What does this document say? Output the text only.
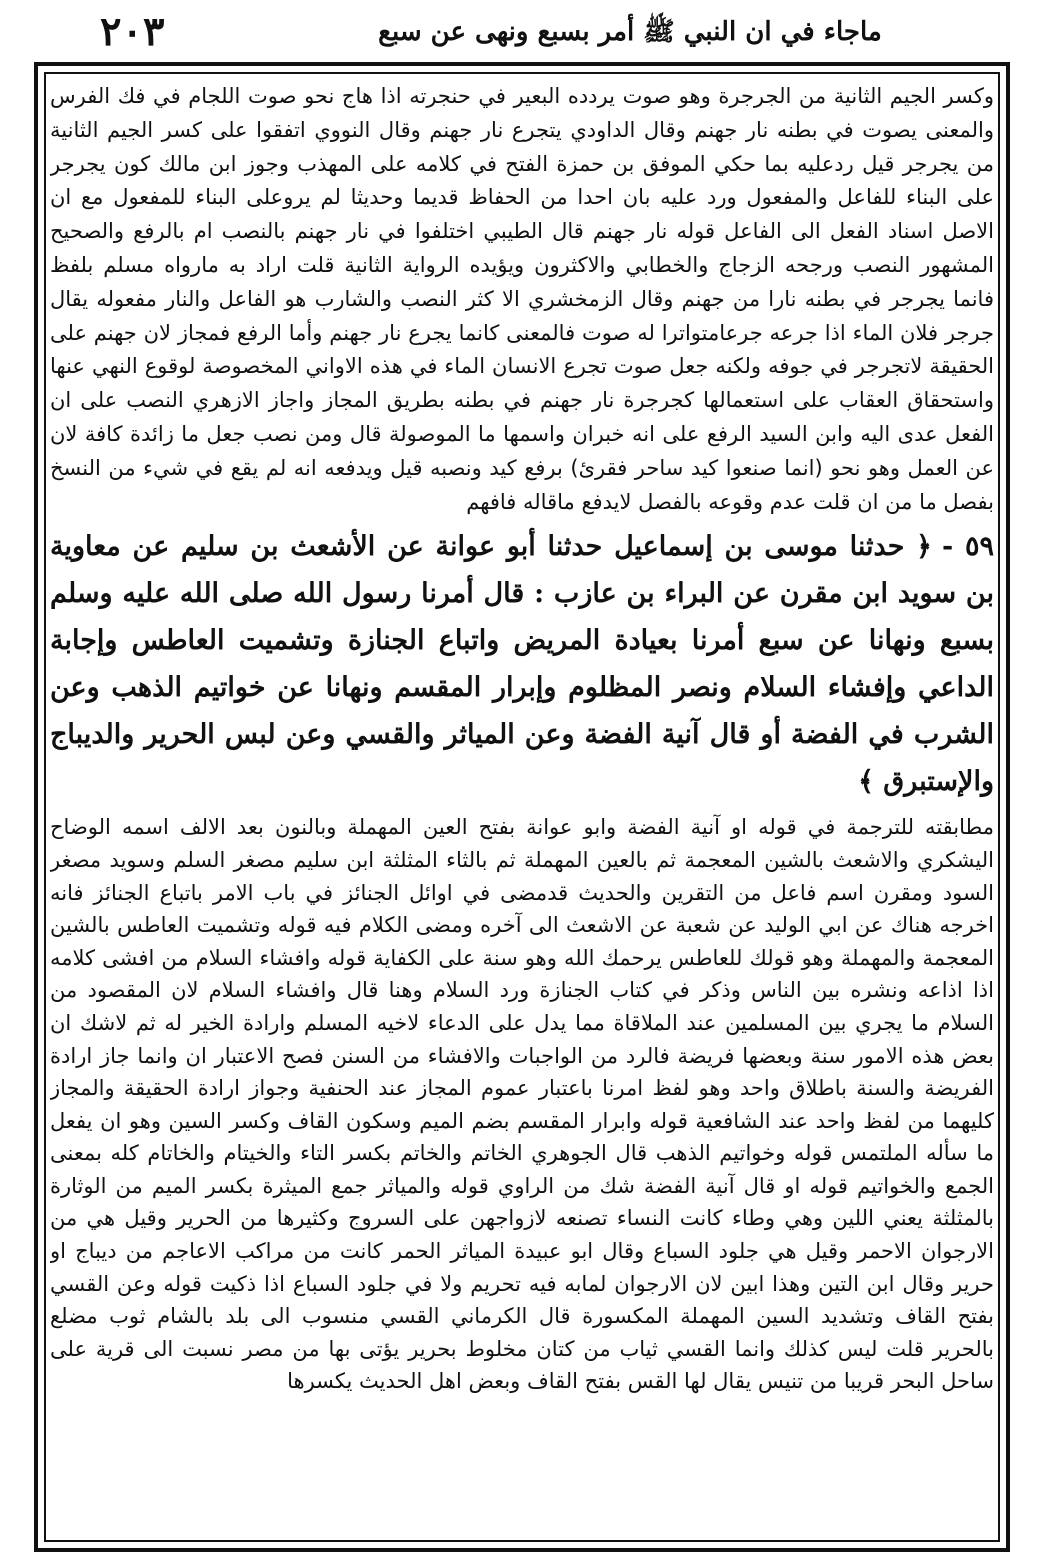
٢٠٣	ماجاء في ان النبي ﷺ أمر بسبع ونهى عن سبع

وكسر الجيم الثانية من الجرجرة وهو صوت يردده البعير في حنجرته اذا هاج نحو صوت اللجام في فك الفرس والمعنى يصوت في بطنه نار جهنم وقال الداودي يتجرع نار جهنم وقال النووي اتفقوا على كسر الجيم الثانية من يجرجر قيل ردعليه بما حكي الموفق بن حمزة الفتح في كلامه على المهذب وجوز ابن مالك كون يجرجر على البناء للفاعل والمفعول ورد عليه بان احدا من الحفاظ قديما وحديثا لم يروعلى البناء للمفعول مع ان الاصل اسناد الفعل الى الفاعل قوله نار جهنم قال الطيبي اختلفوا في نار جهنم بالنصب ام بالرفع والصحيح المشهور النصب ورجحه الزجاج والخطابي والاكثرون ويؤيده الرواية الثانية قلت اراد به مارواه مسلم بلفظ فانما يجرجر في بطنه نارا من جهنم وقال الزمخشري الا كثر النصب والشارب هو الفاعل والنار مفعوله يقال جرجر فلان الماء اذا جرعه جرعامتواترا له صوت فالمعنى كانما يجرع نار جهنم وأما الرفع فمجاز لان جهنم على الحقيقة لاتجرجر في جوفه ولكنه جعل صوت تجرع الانسان الماء في هذه الاواني المخصوصة لوقوع النهي عنها واستحقاق العقاب على استعمالها كجرجرة نار جهنم في بطنه بطريق المجاز واجاز الازهري النصب على ان الفعل عدى اليه وابن السيد الرفع على انه خبران واسمها ما الموصولة قال ومن نصب جعل ما زائدة كافة لان عن العمل وهو نحو (انما صنعوا كيد ساحر فقرئ) برفع كيد ونصبه قيل ويدفعه انه لم يقع في شيء من النسخ بفصل ما من ان قلت عدم وقوعه بالفصل لايدفع ماقاله فافهم

٥٩ -﴿ حدثنا موسى بن إسماعيل حدثنا أبو عوانة عن الأشعث بن سليم عن معاوية بن سويد ابن مقرن عن البراء بن عازب : قال أمرنا رسول الله صلى الله عليه وسلم بسبع ونهانا عن سبع أمرنا بعيادة المريض واتباع الجنازة وتشميت العاطس وإجابة الداعي وإفشاء السلام ونصر المظلوم وإبرار المقسم ونهانا عن خواتيم الذهب وعن الشرب في الفضة أو قال آنية الفضة وعن المياثر والقسي وعن لبس الحرير والديباج والإستبرق ﴾

مطابقته للترجمة في قوله او آنية الفضة وابو عوانة بفتح العين المهملة وبالنون بعد الالف اسمه الوضاح اليشكري والاشعث بالشين المعجمة ثم بالعين المهملة ثم بالثاء المثلثة ابن سليم مصغر السلم وسويد مصغر السود ومقرن اسم فاعل من التقرين والحديث قدمضى في اوائل الجنائز في باب الامر باتباع الجنائز فانه اخرجه هناك عن ابي الوليد عن شعبة عن الاشعث الى آخره ومضى الكلام فيه قوله وتشميت العاطس بالشين المعجمة والمهملة وهو قولك للعاطس يرحمك الله وهو سنة على الكفاية قوله وافشاء السلام من افشى كلامه اذا اذاعه ونشره بين الناس وذكر في كتاب الجنازة ورد السلام وهنا قال وافشاء السلام لان المقصود من السلام ما يجري بين المسلمين عند الملاقاة مما يدل على الدعاء لاخيه المسلم وارادة الخير له ثم لاشك ان بعض هذه الامور سنة وبعضها فريضة فالرد من الواجبات والافشاء من السنن فصح الاعتبار ان وانما جاز ارادة الفريضة والسنة باطلاق واحد وهو لفظ امرنا باعتبار عموم المجاز عند الحنفية وجواز ارادة الحقيقة والمجاز كليهما من لفظ واحد عند الشافعية قوله وابرار المقسم بضم الميم وسكون القاف وكسر السين وهو ان يفعل ما سأله الملتمس قوله وخواتيم الذهب قال الجوهري الخاتم والخاتم بكسر التاء والخيتام والخاتام كله بمعنى الجمع والخواتيم قوله او قال آنية الفضة شك من الراوي قوله والمياثر جمع الميثرة بكسر الميم من الوثارة بالمثلثة يعني اللين وهي وطاء كانت النساء تصنعه لازواجهن على السروج وكثيرها من الحرير وقيل هي من الارجوان الاحمر وقيل هي جلود السباع وقال ابو عبيدة المياثر الحمر كانت من مراكب الاعاجم من ديباج او حرير وقال ابن التين وهذا ابين لان الارجوان لمابه فيه تحريم ولا في جلود السباع اذا ذكيت قوله وعن القسي بفتح القاف وتشديد السين المهملة المكسورة قال الكرماني القسي منسوب الى بلد بالشام ثوب مضلع بالحرير قلت ليس كذلك وانما القسي ثياب من كتان مخلوط بحرير يؤتى بها من مصر نسبت الى قرية على ساحل البحر قريبا من تنيس يقال لها القس بفتح القاف وبعض اهل الحديث يكسرها
